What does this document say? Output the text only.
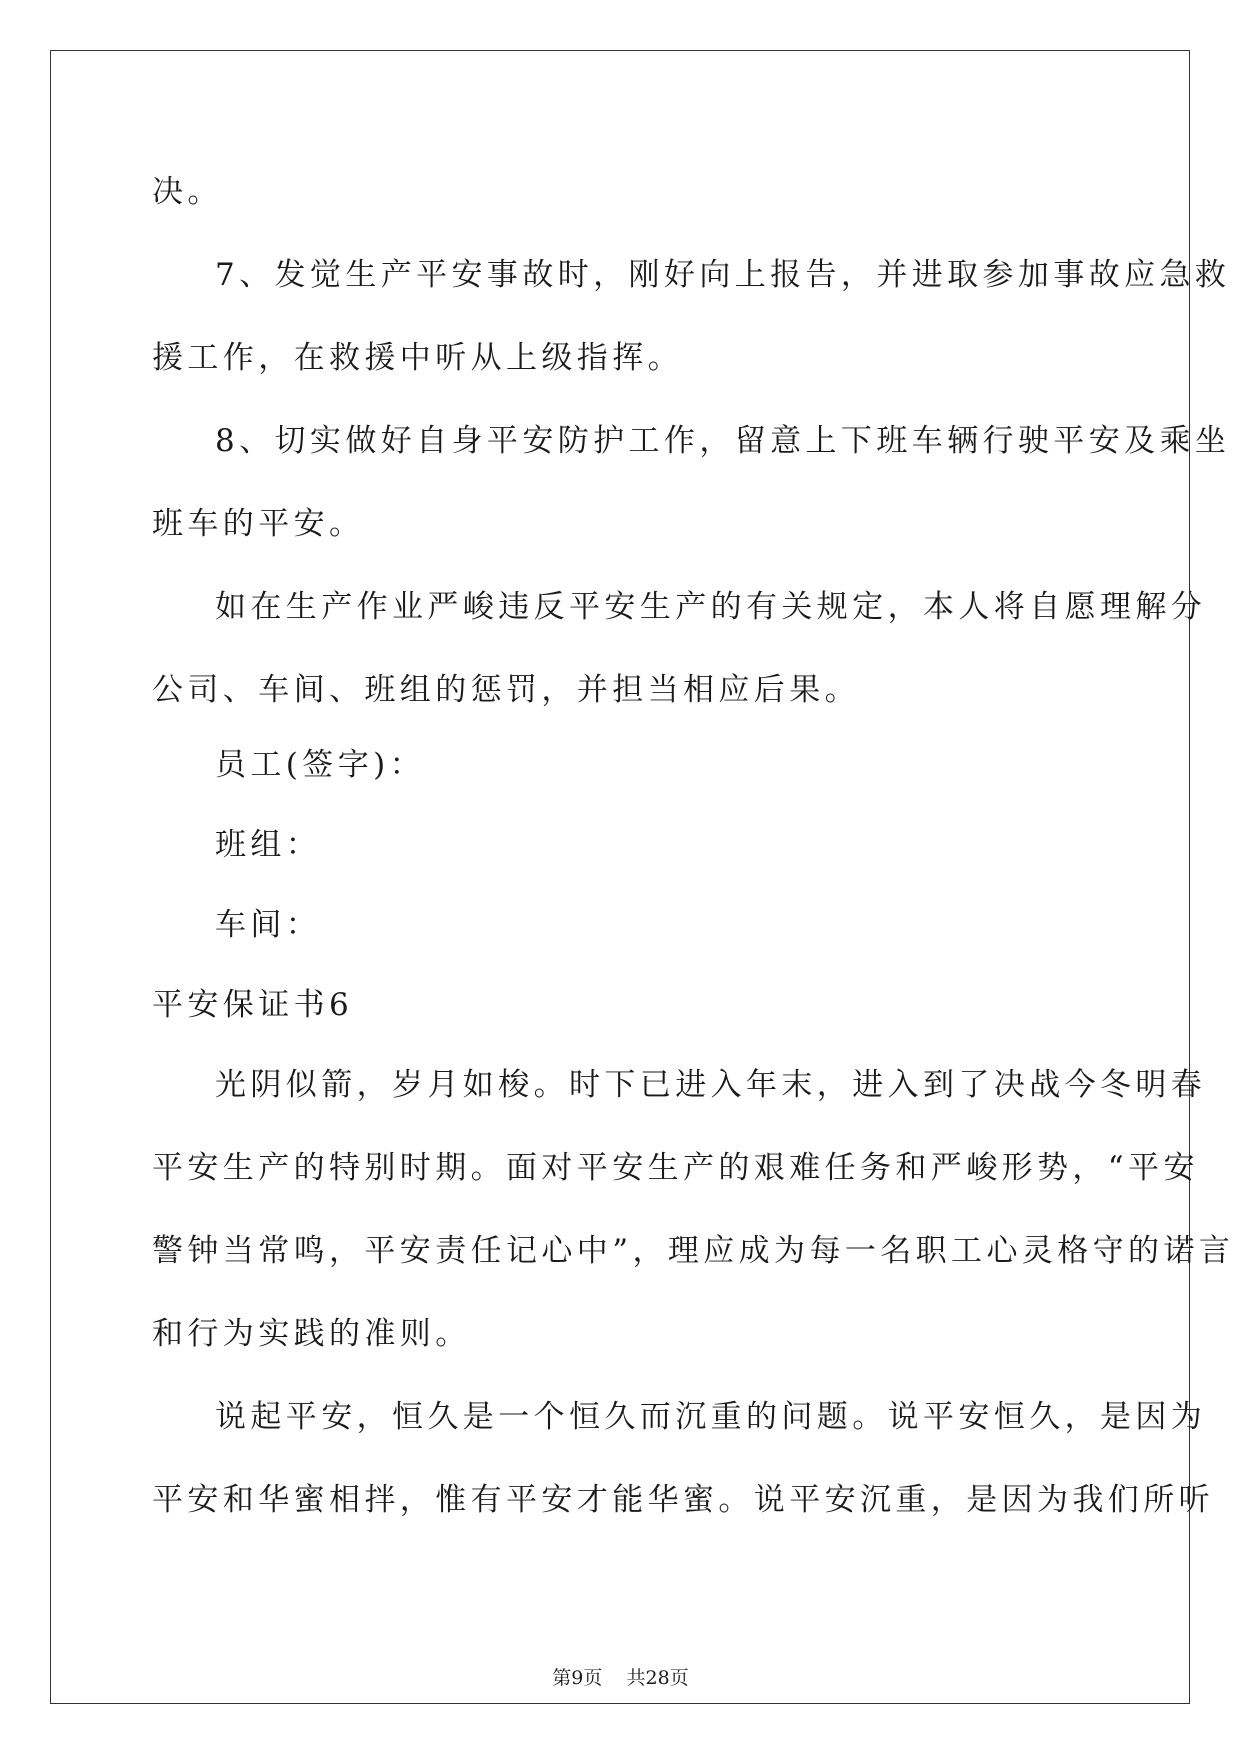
决。
7、发觉生产平安事故时，刚好向上报告，并进取参加事故应急救
援工作，在救援中听从上级指挥。
8、切实做好自身平安防护工作，留意上下班车辆行驶平安及乘坐
班车的平安。
如在生产作业严峻违反平安生产的有关规定，本人将自愿理解分
公司、车间、班组的惩罚，并担当相应后果。
员工(签字)：
班组：
车间：
平安保证书6
光阴似箭，岁月如梭。时下已进入年末，进入到了决战今冬明春
平安生产的特别时期。面对平安生产的艰难任务和严峻形势，“平安
警钟当常鸣，平安责任记心中”，理应成为每一名职工心灵格守的诺言
和行为实践的准则。
说起平安，恒久是一个恒久而沉重的问题。说平安恒久，是因为
平安和华蜜相拌，惟有平安才能华蜜。说平安沉重，是因为我们所听
第9页    共28页
